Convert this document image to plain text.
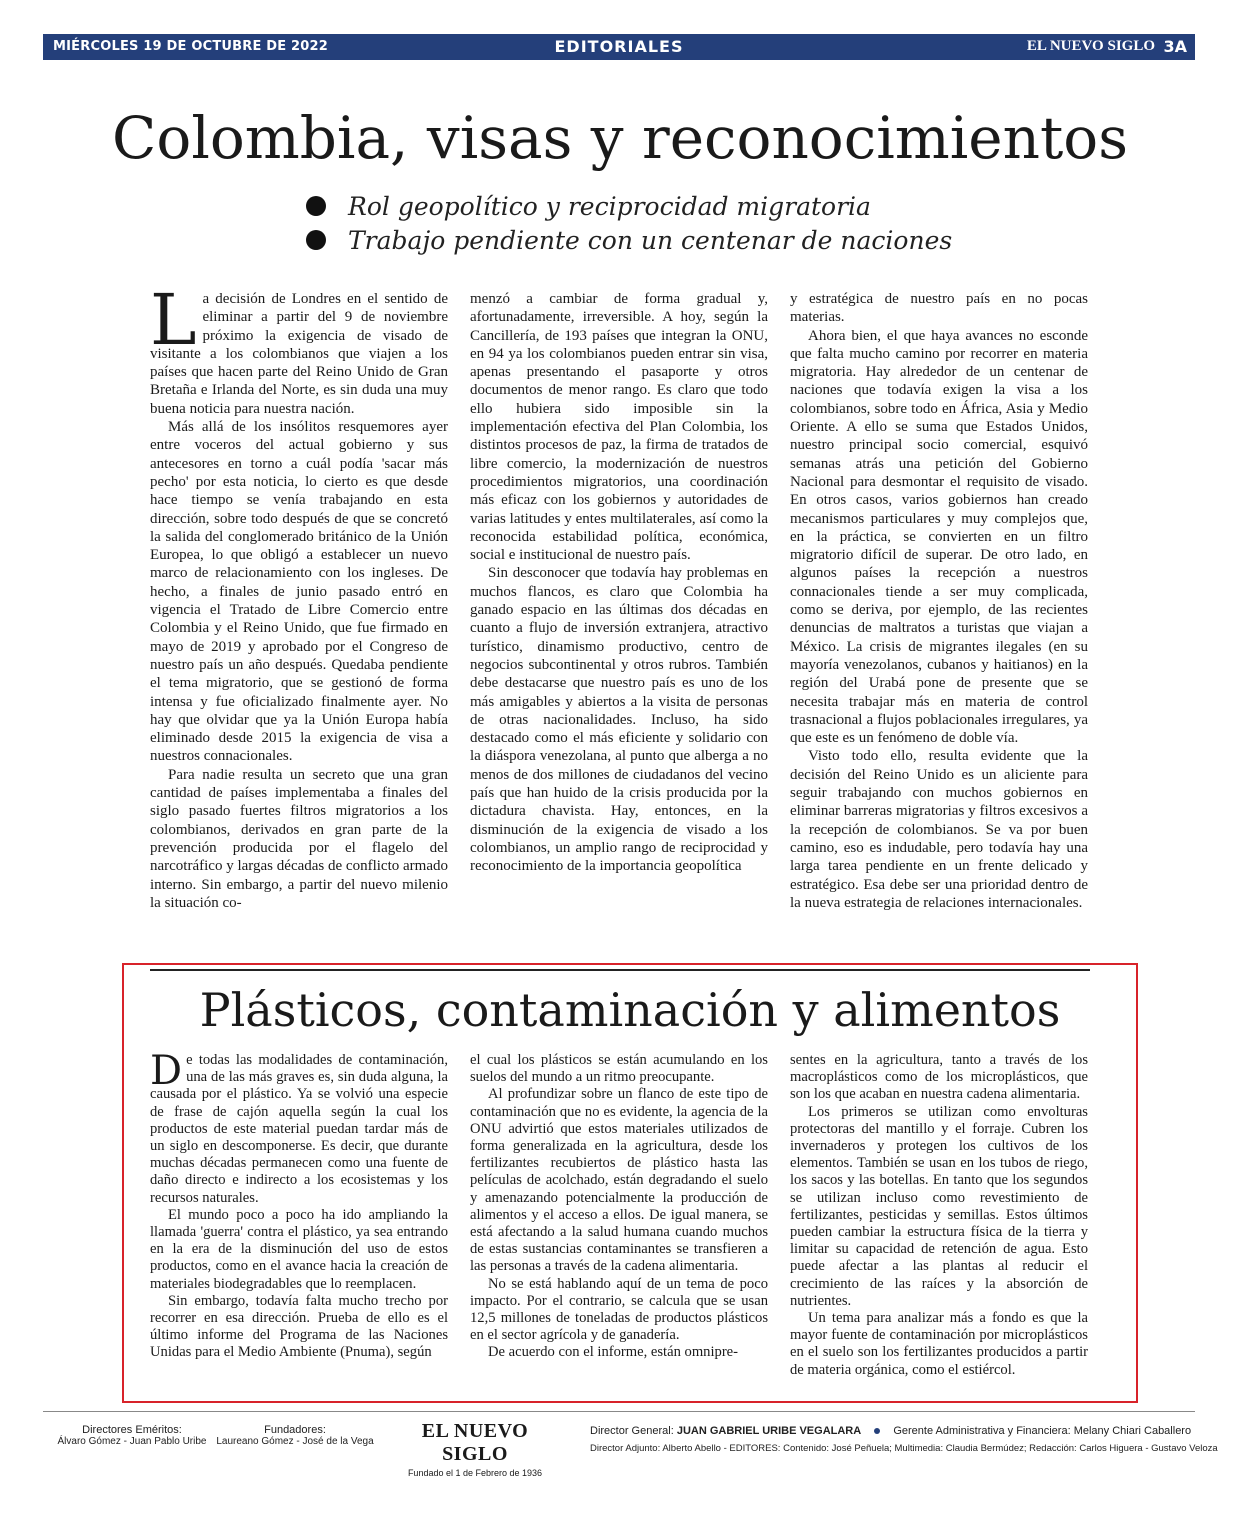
MIÉRCOLES 19 DE OCTUBRE DE 2022	EDITORIALES	EL NUEVO SIGLO 3A
Colombia, visas y reconocimientos
Rol geopolítico y reciprocidad migratoria
Trabajo pendiente con un centenar de naciones

La decisión de Londres en el sentido de eliminar a partir del 9 de noviembre próximo la exigencia de visado de visitante a los colombianos que viajen a los países que hacen parte del Reino Unido de Gran Bretaña e Irlanda del Norte, es sin duda una muy buena noticia para nuestra nación.

Más allá de los insólitos resquemores ayer entre voceros del actual gobierno y sus antecesores en torno a cuál podía 'sacar más pecho' por esta noticia, lo cierto es que desde hace tiempo se venía trabajando en esta dirección, sobre todo después de que se concretó la salida del conglomerado británico de la Unión Europea, lo que obligó a establecer un nuevo marco de relacionamiento con los ingleses. De hecho, a finales de junio pasado entró en vigencia el Tratado de Libre Comercio entre Colombia y el Reino Unido, que fue firmado en mayo de 2019 y aprobado por el Congreso de nuestro país un año después. Quedaba pendiente el tema migratorio, que se gestionó de forma intensa y fue oficializado finalmente ayer. No hay que olvidar que ya la Unión Europa había eliminado desde 2015 la exigencia de visa a nuestros connacionales.

Para nadie resulta un secreto que una gran cantidad de países implementaba a finales del siglo pasado fuertes filtros migratorios a los colombianos, derivados en gran parte de la prevención producida por el flagelo del narcotráfico y largas décadas de conflicto armado interno. Sin embargo, a partir del nuevo milenio la situación co-

menzó a cambiar de forma gradual y, afortunadamente, irreversible. A hoy, según la Cancillería, de 193 países que integran la ONU, en 94 ya los colombianos pueden entrar sin visa, apenas presentando el pasaporte y otros documentos de menor rango. Es claro que todo ello hubiera sido imposible sin la implementación efectiva del Plan Colombia, los distintos procesos de paz, la firma de tratados de libre comercio, la modernización de nuestros procedimientos migratorios, una coordinación más eficaz con los gobiernos y autoridades de varias latitudes y entes multilaterales, así como la reconocida estabilidad política, económica, social e institucional de nuestro país.

Sin desconocer que todavía hay problemas en muchos flancos, es claro que Colombia ha ganado espacio en las últimas dos décadas en cuanto a flujo de inversión extranjera, atractivo turístico, dinamismo productivo, centro de negocios subcontinental y otros rubros. También debe destacarse que nuestro país es uno de los más amigables y abiertos a la visita de personas de otras nacionalidades. Incluso, ha sido destacado como el más eficiente y solidario con la diáspora venezolana, al punto que alberga a no menos de dos millones de ciudadanos del vecino país que han huido de la crisis producida por la dictadura chavista. Hay, entonces, en la disminución de la exigencia de visado a los colombianos, un amplio rango de reciprocidad y reconocimiento de la importancia geopolítica

y estratégica de nuestro país en no pocas materias.

Ahora bien, el que haya avances no esconde que falta mucho camino por recorrer en materia migratoria. Hay alrededor de un centenar de naciones que todavía exigen la visa a los colombianos, sobre todo en África, Asia y Medio Oriente. A ello se suma que Estados Unidos, nuestro principal socio comercial, esquivó semanas atrás una petición del Gobierno Nacional para desmontar el requisito de visado. En otros casos, varios gobiernos han creado mecanismos particulares y muy complejos que, en la práctica, se convierten en un filtro migratorio difícil de superar. De otro lado, en algunos países la recepción a nuestros connacionales tiende a ser muy complicada, como se deriva, por ejemplo, de las recientes denuncias de maltratos a turistas que viajan a México. La crisis de migrantes ilegales (en su mayoría venezolanos, cubanos y haitianos) en la región del Urabá pone de presente que se necesita trabajar más en materia de control trasnacional a flujos poblacionales irregulares, ya que este es un fenómeno de doble vía.

Visto todo ello, resulta evidente que la decisión del Reino Unido es un aliciente para seguir trabajando con muchos gobiernos en eliminar barreras migratorias y filtros excesivos a la recepción de colombianos. Se va por buen camino, eso es indudable, pero todavía hay una larga tarea pendiente en un frente delicado y estratégico. Esa debe ser una prioridad dentro de la nueva estrategia de relaciones internacionales.

Plásticos, contaminación y alimentos

De todas las modalidades de contaminación, una de las más graves es, sin duda alguna, la causada por el plástico. Ya se volvió una especie de frase de cajón aquella según la cual los productos de este material puedan tardar más de un siglo en descomponerse. Es decir, que durante muchas décadas permanecen como una fuente de daño directo e indirecto a los ecosistemas y los recursos naturales.

El mundo poco a poco ha ido ampliando la llamada 'guerra' contra el plástico, ya sea entrando en la era de la disminución del uso de estos productos, como en el avance hacia la creación de materiales biodegradables que lo reemplacen.

Sin embargo, todavía falta mucho trecho por recorrer en esa dirección. Prueba de ello es el último informe del Programa de las Naciones Unidas para el Medio Ambiente (Pnuma), según

el cual los plásticos se están acumulando en los suelos del mundo a un ritmo preocupante.

Al profundizar sobre un flanco de este tipo de contaminación que no es evidente, la agencia de la ONU advirtió que estos materiales utilizados de forma generalizada en la agricultura, desde los fertilizantes recubiertos de plástico hasta las películas de acolchado, están degradando el suelo y amenazando potencialmente la producción de alimentos y el acceso a ellos. De igual manera, se está afectando a la salud humana cuando muchos de estas sustancias contaminantes se transfieren a las personas a través de la cadena alimentaria.

No se está hablando aquí de un tema de poco impacto. Por el contrario, se calcula que se usan 12,5 millones de toneladas de productos plásticos en el sector agrícola y de ganadería.

De acuerdo con el informe, están omnipre-

sentes en la agricultura, tanto a través de los macroplásticos como de los microplásticos, que son los que acaban en nuestra cadena alimentaria.

Los primeros se utilizan como envolturas protectoras del mantillo y el forraje. Cubren los invernaderos y protegen los cultivos de los elementos. También se usan en los tubos de riego, los sacos y las botellas. En tanto que los segundos se utilizan incluso como revestimiento de fertilizantes, pesticidas y semillas. Estos últimos pueden cambiar la estructura física de la tierra y limitar su capacidad de retención de agua. Esto puede afectar a las plantas al reducir el crecimiento de las raíces y la absorción de nutrientes.

Un tema para analizar más a fondo es que la mayor fuente de contaminación por microplásticos en el suelo son los fertilizantes producidos a partir de materia orgánica, como el estiércol.

Directores Eméritos:
Álvaro Gómez - Juan Pablo Uribe
Fundadores:
Laureano Gómez - José de la Vega	EL NUEVO SIGLO
Fundado el 1 de Febrero de 1936
Director General: JUAN GABRIEL URIBE VEGALARA	Gerente Administrativa y Financiera: Melany Chiari Caballero
Director Adjunto: Alberto Abello - EDITORES: Contenido: José Peñuela; Multimedia: Claudia Bermúdez; Redacción: Carlos Higuera - Gustavo Veloza
